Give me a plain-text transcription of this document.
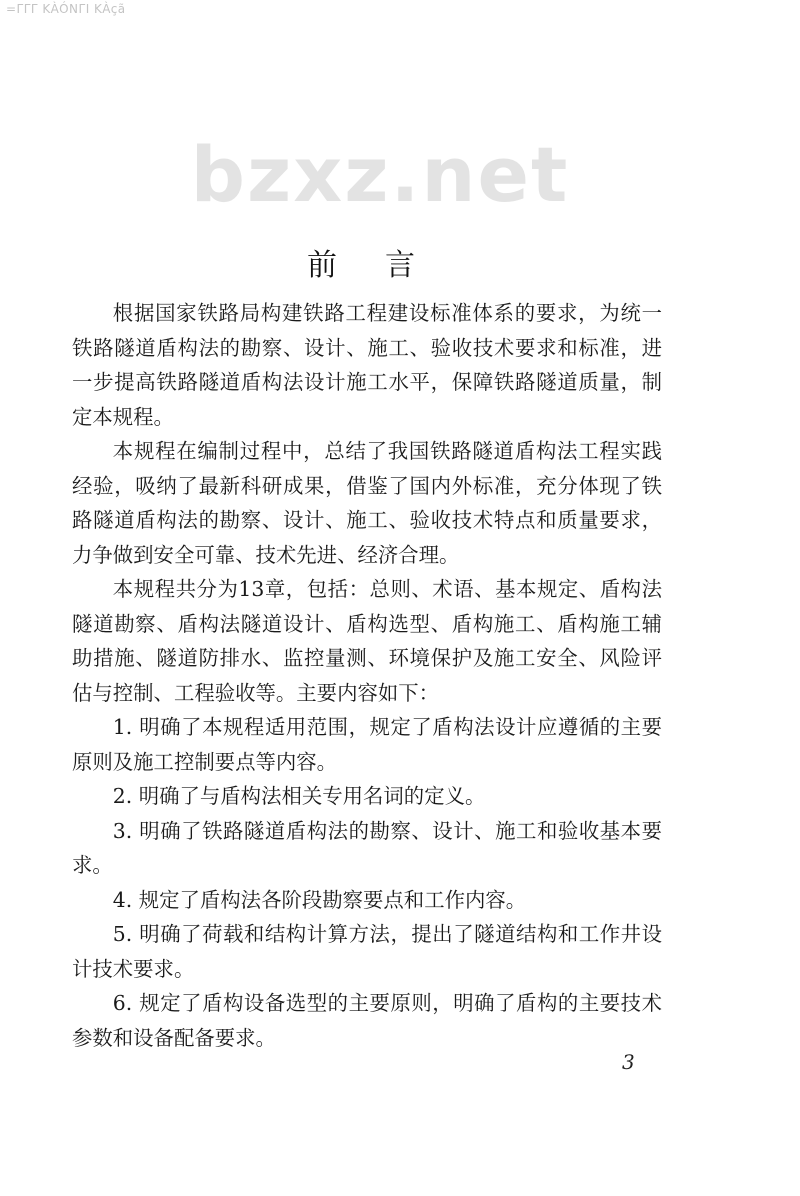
=ΓΓΓ KÀÓΝΓΙ KÀçã
bzxz.net
前言

根据国家铁路局构建铁路工程建设标准体系的要求，为统一铁路隧道盾构法的勘察、设计、施工、验收技术要求和标准，进一步提高铁路隧道盾构法设计施工水平，保障铁路隧道质量，制定本规程。

本规程在编制过程中，总结了我国铁路隧道盾构法工程实践经验，吸纳了最新科研成果，借鉴了国内外标准，充分体现了铁路隧道盾构法的勘察、设计、施工、验收技术特点和质量要求，力争做到安全可靠、技术先进、经济合理。

本规程共分为13章，包括：总则、术语、基本规定、盾构法隧道勘察、盾构法隧道设计、盾构选型、盾构施工、盾构施工辅助措施、隧道防排水、监控量测、环境保护及施工安全、风险评估与控制、工程验收等。主要内容如下：

1. 明确了本规程适用范围，规定了盾构法设计应遵循的主要原则及施工控制要点等内容。

2. 明确了与盾构法相关专用名词的定义。

3. 明确了铁路隧道盾构法的勘察、设计、施工和验收基本要求。

4. 规定了盾构法各阶段勘察要点和工作内容。

5. 明确了荷载和结构计算方法，提出了隧道结构和工作井设计技术要求。

6. 规定了盾构设备选型的主要原则，明确了盾构的主要技术参数和设备配备要求。

3
